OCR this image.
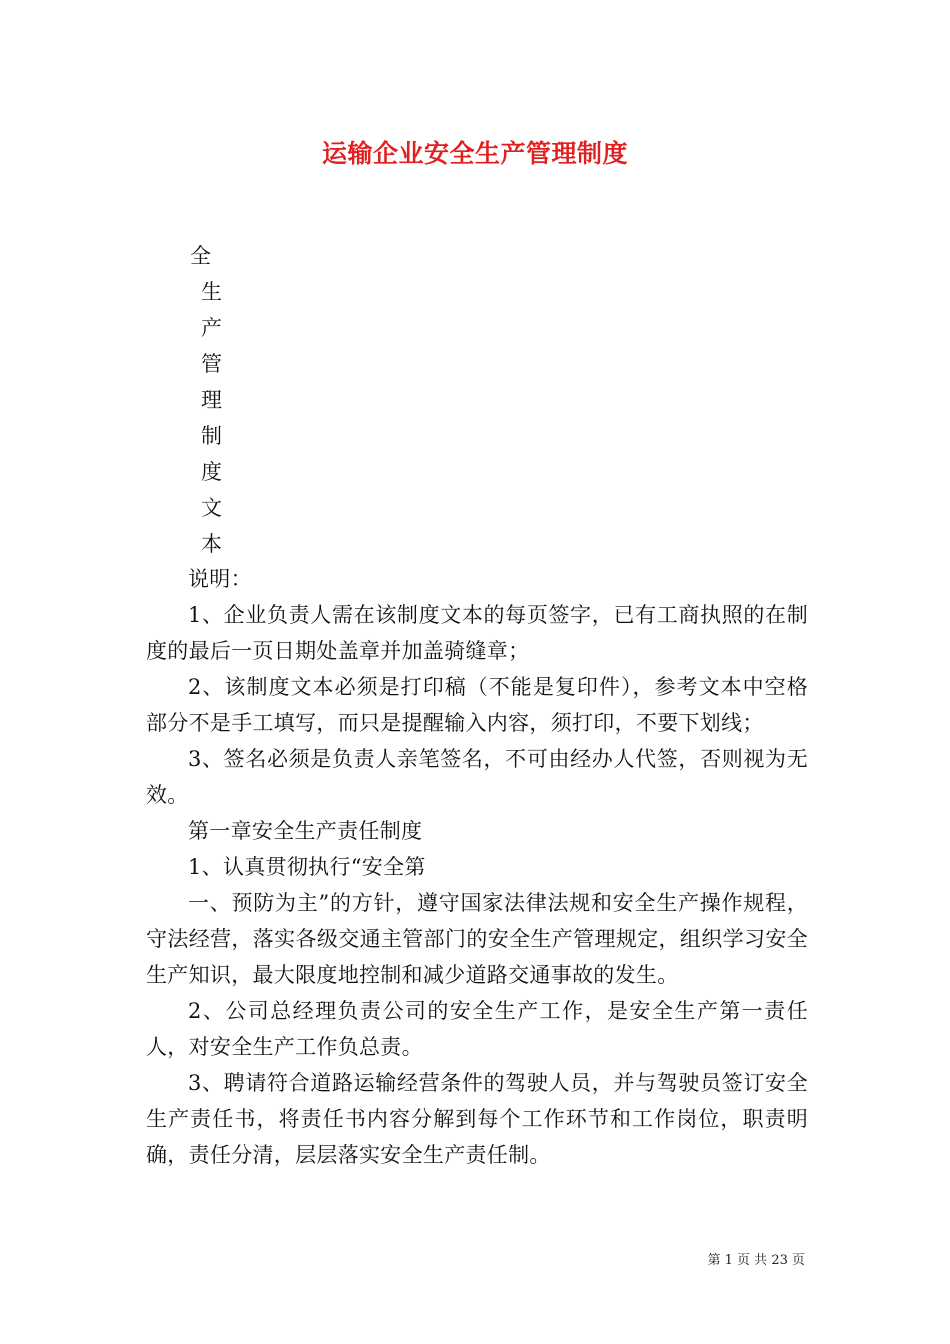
运输企业安全生产管理制度
全
生
产
管
理
制
度
文
本

说明：

1、企业负责人需在该制度文本的每页签字，已有工商执照的在制度的最后一页日期处盖章并加盖骑缝章；

2、该制度文本必须是打印稿（不能是复印件），参考文本中空格部分不是手工填写，而只是提醒输入内容，须打印，不要下划线；

3、签名必须是负责人亲笔签名，不可由经办人代签，否则视为无效。

第一章安全生产责任制度

1、认真贯彻执行“安全第

一、预防为主”的方针，遵守国家法律法规和安全生产操作规程，守法经营，落实各级交通主管部门的安全生产管理规定，组织学习安全生产知识，最大限度地控制和减少道路交通事故的发生。

2、公司总经理负责公司的安全生产工作，是安全生产第一责任人，对安全生产工作负总责。

3、聘请符合道路运输经营条件的驾驶人员，并与驾驶员签订安全生产责任书，将责任书内容分解到每个工作环节和工作岗位，职责明确，责任分清，层层落实安全生产责任制。

第 1 页 共 23 页
